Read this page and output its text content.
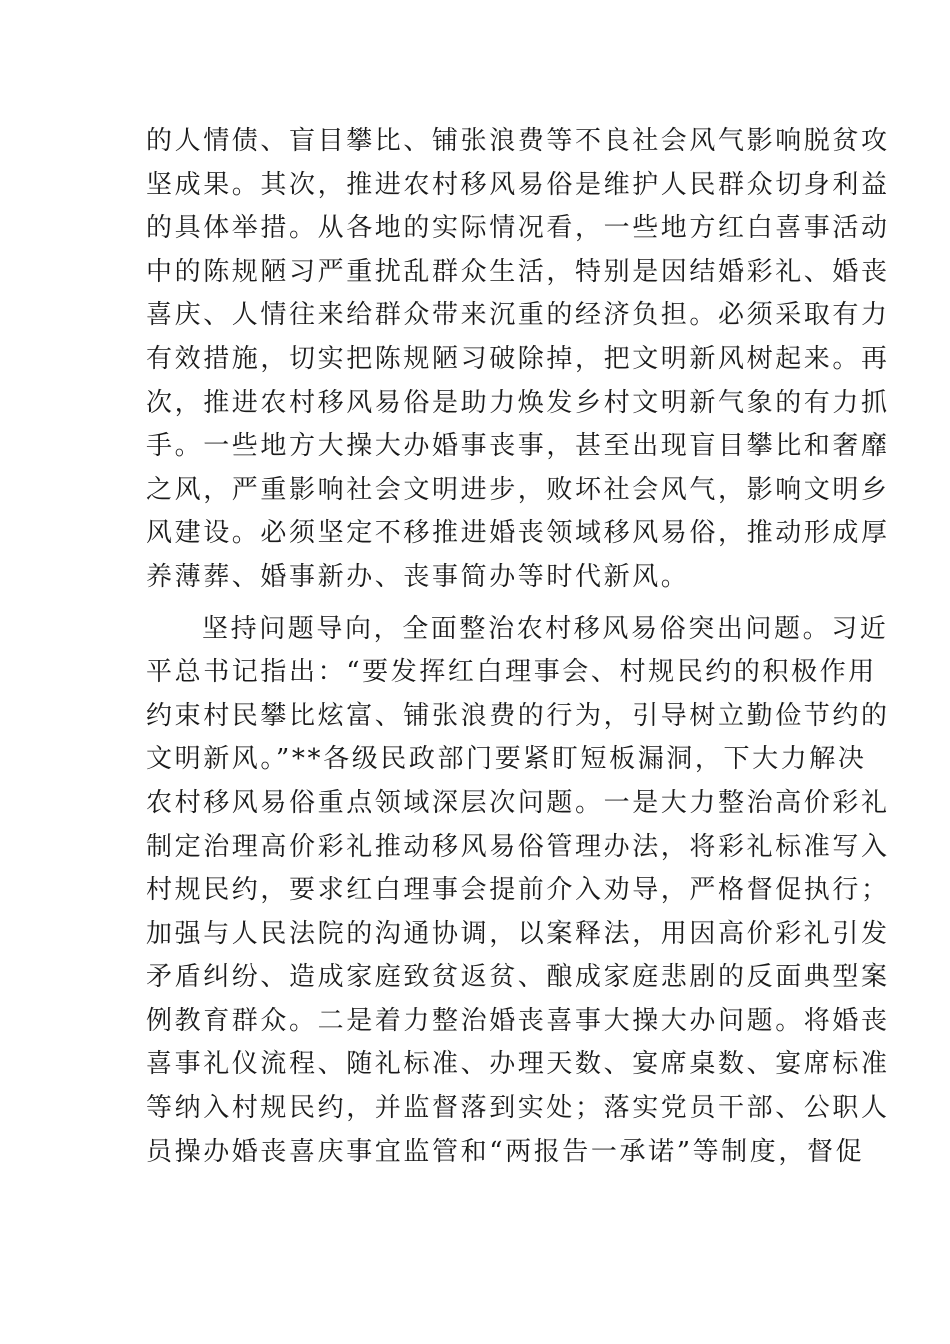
的人情债、盲目攀比、铺张浪费等不良社会风气影响脱贫攻
坚成果。其次，推进农村移风易俗是维护人民群众切身利益
的具体举措。从各地的实际情况看，一些地方红白喜事活动
中的陈规陋习严重扰乱群众生活，特别是因结婚彩礼、婚丧
喜庆、人情往来给群众带来沉重的经济负担。必须采取有力
有效措施，切实把陈规陋习破除掉，把文明新风树起来。再
次，推进农村移风易俗是助力焕发乡村文明新气象的有力抓
手。一些地方大操大办婚事丧事，甚至出现盲目攀比和奢靡
之风，严重影响社会文明进步，败坏社会风气，影响文明乡
风建设。必须坚定不移推进婚丧领域移风易俗，推动形成厚
养薄葬、婚事新办、丧事简办等时代新风。
坚持问题导向，全面整治农村移风易俗突出问题。习近
平总书记指出：“要发挥红白理事会、村规民约的积极作用
约束村民攀比炫富、铺张浪费的行为，引导树立勤俭节约的
文明新风。”**各级民政部门要紧盯短板漏洞，下大力解决
农村移风易俗重点领域深层次问题。一是大力整治高价彩礼
制定治理高价彩礼推动移风易俗管理办法，将彩礼标准写入
村规民约，要求红白理事会提前介入劝导，严格督促执行；
加强与人民法院的沟通协调，以案释法，用因高价彩礼引发
矛盾纠纷、造成家庭致贫返贫、酿成家庭悲剧的反面典型案
例教育群众。二是着力整治婚丧喜事大操大办问题。将婚丧
喜事礼仪流程、随礼标准、办理天数、宴席桌数、宴席标准
等纳入村规民约，并监督落到实处；落实党员干部、公职人
员操办婚丧喜庆事宜监管和“两报告一承诺”等制度，督促
